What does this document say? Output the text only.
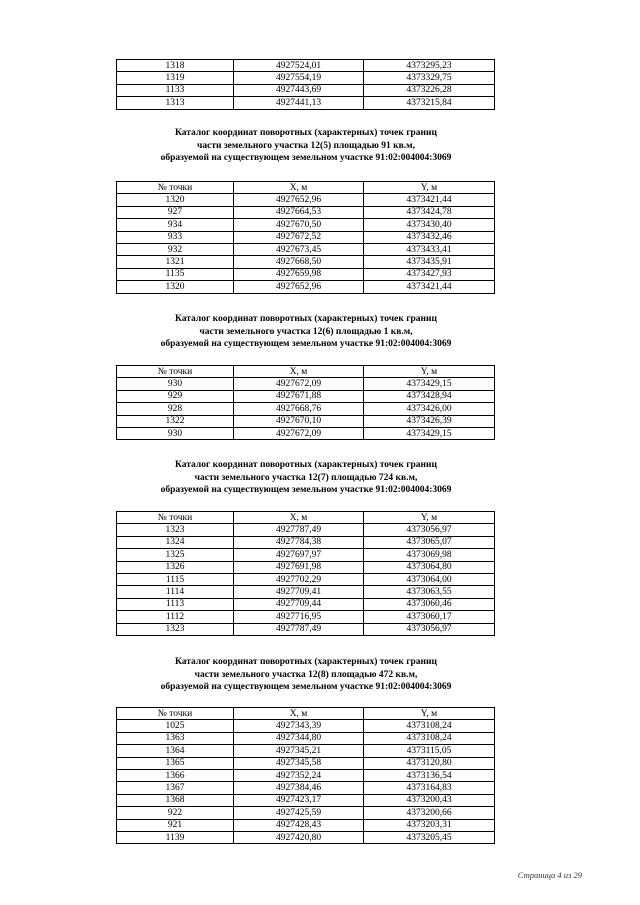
1318	4927524,01	4373295,23
1319	4927554,19	4373329,75
1133	4927443,69	4373226,28
1313	4927441,13	4373215,84
Каталог координат поворотных (характерных) точек границ
части земельного участка 12(5) площадью 91 кв.м,
образуемой на существующем земельном участке 91:02:004004:3069
№ точки	X, м	Y, м
1320	4927652,96	4373421,44
927	4927664,53	4373424,78
934	4927670,50	4373430,40
933	4927672,52	4373432,46
932	4927673,45	4373433,41
1321	4927668,50	4373435,91
1135	4927659,98	4373427,93
1320	4927652,96	4373421,44
Каталог координат поворотных (характерных) точек границ
части земельного участка 12(6) площадью 1 кв.м,
образуемой на существующем земельном участке 91:02:004004:3069
№ точки	X, м	Y, м
930	4927672,09	4373429,15
929	4927671,88	4373428,94
928	4927668,76	4373426,00
1322	4927670,10	4373426,39
930	4927672,09	4373429,15
Каталог координат поворотных (характерных) точек границ
части земельного участка 12(7) площадью 724 кв.м,
образуемой на существующем земельном участке 91:02:004004:3069
№ точки	X, м	Y, м
1323	4927787,49	4373056,97
1324	4927784,38	4373065,07
1325	4927697,97	4373069,98
1326	4927691,98	4373064,80
1115	4927702,29	4373064,00
1114	4927709,41	4373063,55
1113	4927709,44	4373060,46
1112	4927716,95	4373060,17
1323	4927787,49	4373056,97
Каталог координат поворотных (характерных) точек границ
части земельного участка 12(8) площадью 472 кв.м,
образуемой на существующем земельном участке 91:02:004004:3069
№ точки	X, м	Y, м
1025	4927343,39	4373108,24
1363	4927344,80	4373108,24
1364	4927345,21	4373115,05
1365	4927345,58	4373120,80
1366	4927352,24	4373136,54
1367	4927384,46	4373164,83
1368	4927423,17	4373200,43
922	4927425,59	4373200,66
921	4927428,43	4373203,31
1139	4927420,80	4373205,45
Страница 4 из 29
